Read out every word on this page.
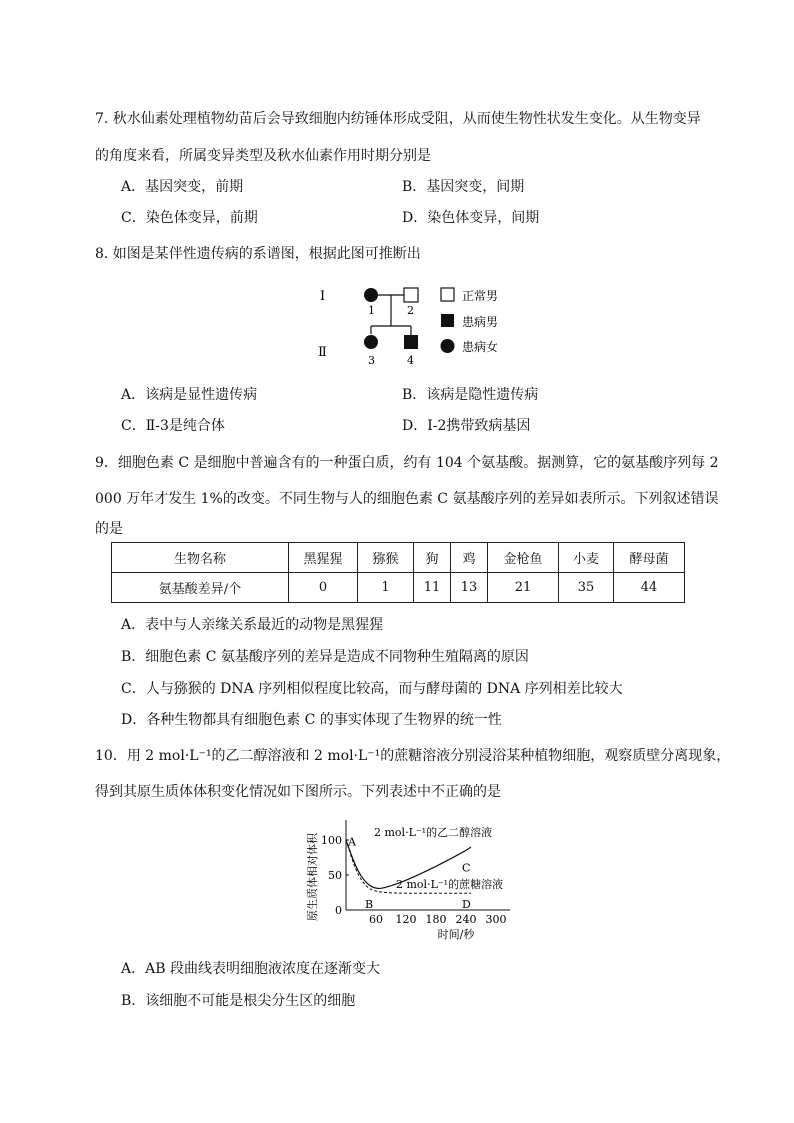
7. 秋水仙素处理植物幼苗后会导致细胞内纺锤体形成受阻，从而使生物性状发生变化。从生物变异
的角度来看，所属变异类型及秋水仙素作用时期分别是
A．基因突变，前期	B．基因突变，间期
C．染色体变异，前期	D．染色体变异，间期
8. 如图是某伴性遗传病的系谱图，根据此图可推断出
Ⅰ
Ⅱ
1	2
3	4
正常男
患病男
患病女
A．该病是显性遗传病	B．该病是隐性遗传病
C．Ⅱ-3是纯合体	D．Ⅰ-2携带致病基因
9．细胞色素 C 是细胞中普遍含有的一种蛋白质，约有 104 个氨基酸。据测算，它的氨基酸序列每 2
000 万年才发生 1%的改变。不同生物与人的细胞色素 C 氨基酸序列的差异如表所示。下列叙述错误
的是
生物名称	黑猩猩	猕猴	狗	鸡	金枪鱼	小麦	酵母菌
氨基酸差异/个	0	1	11	13	21	35	44
A．表中与人亲缘关系最近的动物是黑猩猩
B．细胞色素 C 氨基酸序列的差异是造成不同物种生殖隔离的原因
C．人与猕猴的 DNA 序列相似程度比较高，而与酵母菌的 DNA 序列相差比较大
D．各种生物都具有细胞色素 C 的事实体现了生物界的统一性
10．用 2 mol·L⁻¹的乙二醇溶液和 2 mol·L⁻¹的蔗糖溶液分别浸浴某种植物细胞，观察质壁分离现象，
得到其原生质体体积变化情况如下图所示。下列表述中不正确的是
0
50
100
60 120 180 240 300
时间/秒
原生质体相对体积
2 mol·L⁻¹的乙二醇溶液
2 mol·L⁻¹的蔗糖溶液
A
B
C
D
A．AB 段曲线表明细胞液浓度在逐渐变大
B．该细胞不可能是根尖分生区的细胞
